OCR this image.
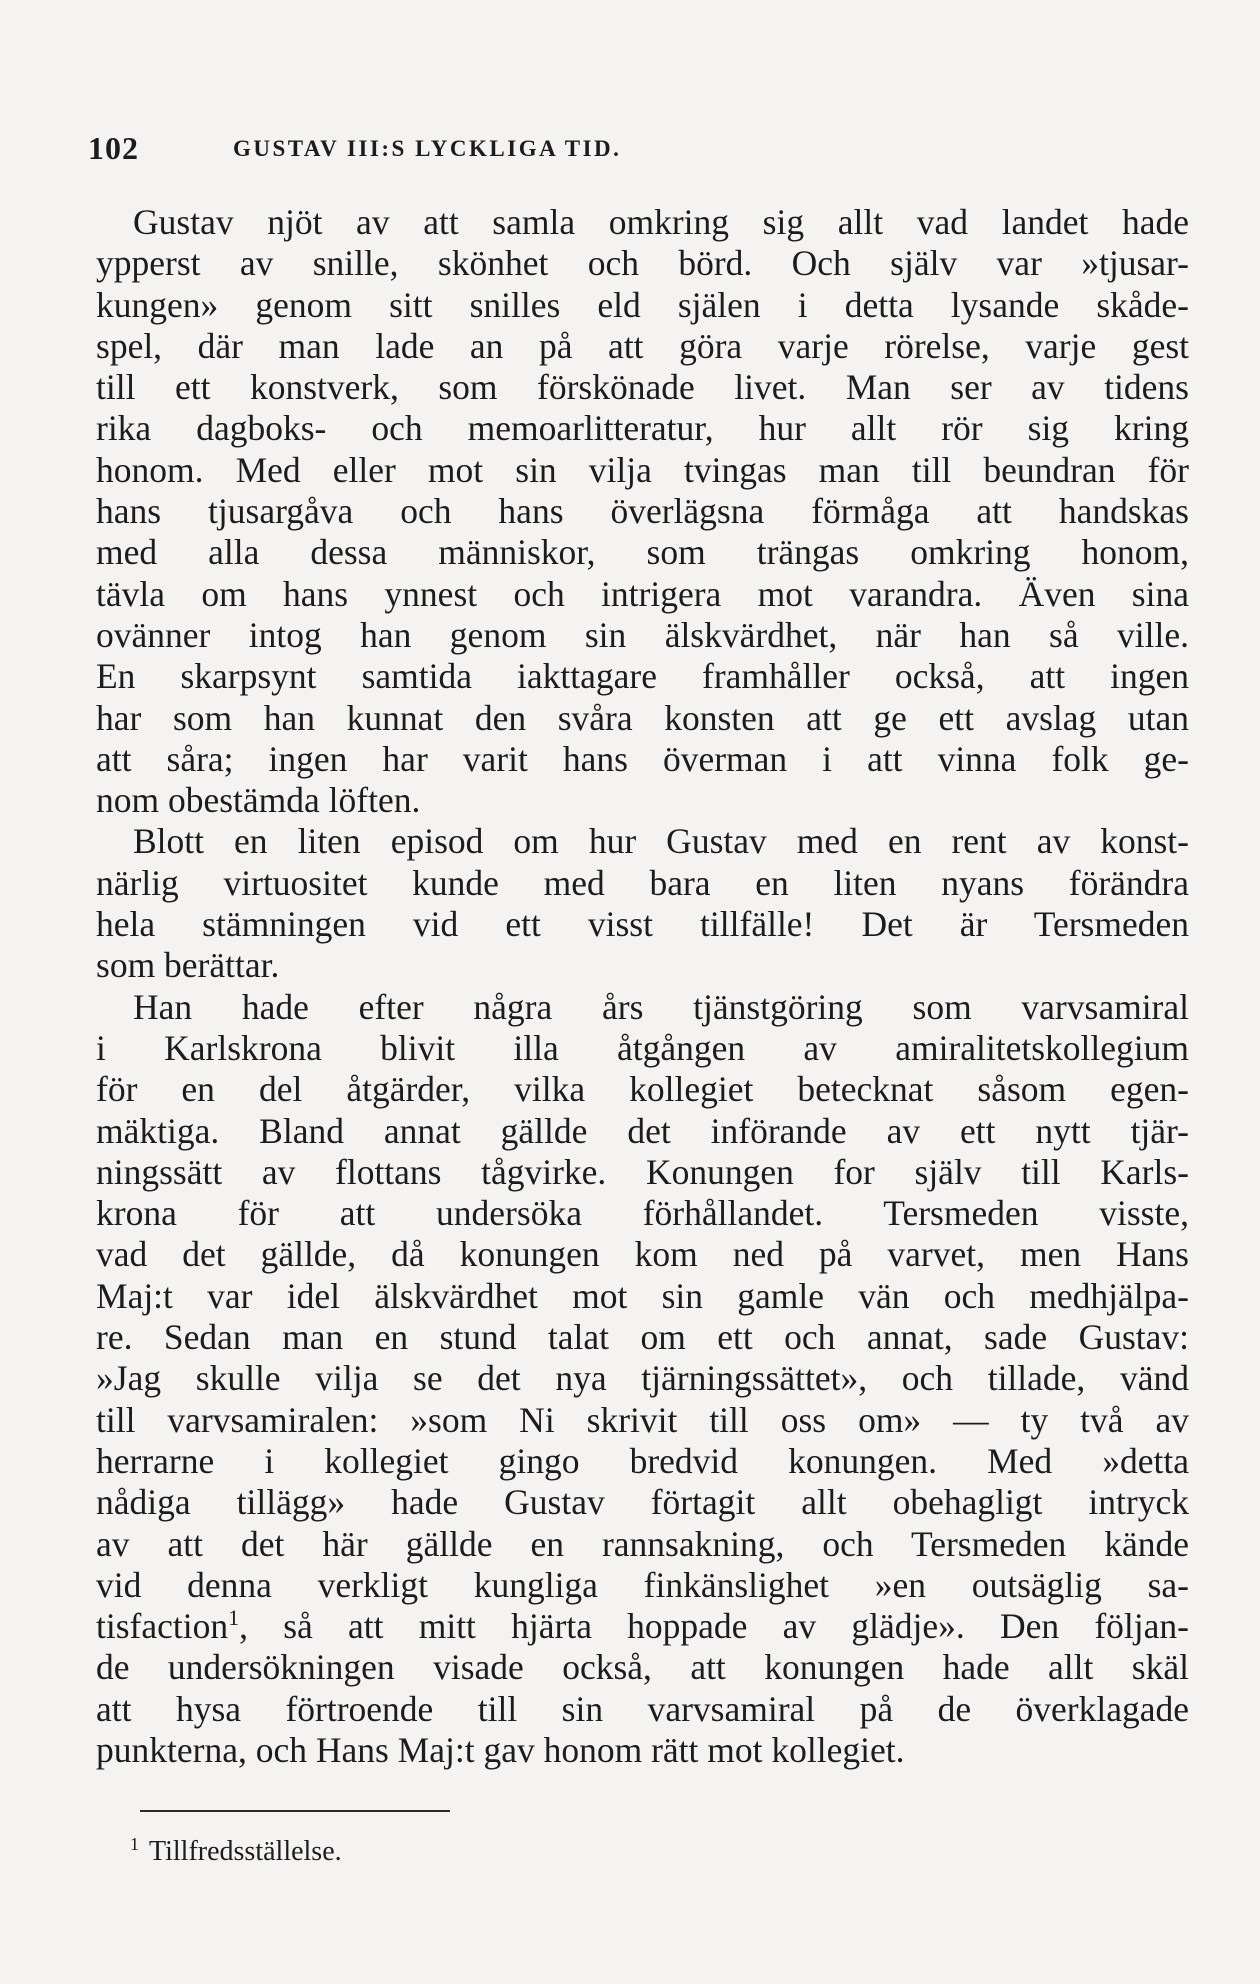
102	GUSTAV III:S LYCKLIGA TID.
Gustav njöt av att samla omkring sig allt vad landet hade
ypperst av snille, skönhet och börd. Och själv var »tjusar-
kungen» genom sitt snilles eld själen i detta lysande skåde-
spel, där man lade an på att göra varje rörelse, varje gest
till ett konstverk, som förskönade livet. Man ser av tidens
rika dagboks- och memoarlitteratur, hur allt rör sig kring
honom. Med eller mot sin vilja tvingas man till beundran för
hans tjusargåva och hans överlägsna förmåga att handskas
med alla dessa människor, som trängas omkring honom,
tävla om hans ynnest och intrigera mot varandra. Även sina
ovänner intog han genom sin älskvärdhet, när han så ville.
En skarpsynt samtida iakttagare framhåller också, att ingen
har som han kunnat den svåra konsten att ge ett avslag utan
att såra; ingen har varit hans överman i att vinna folk ge-
nom obestämda löften.
Blott en liten episod om hur Gustav med en rent av konst-
närlig virtuositet kunde med bara en liten nyans förändra
hela stämningen vid ett visst tillfälle! Det är Tersmeden
som berättar.
Han hade efter några års tjänstgöring som varvsamiral
i Karlskrona blivit illa åtgången av amiralitetskollegium
för en del åtgärder, vilka kollegiet betecknat såsom egen-
mäktiga. Bland annat gällde det införande av ett nytt tjär-
ningssätt av flottans tågvirke. Konungen for själv till Karls-
krona för att undersöka förhållandet. Tersmeden visste,
vad det gällde, då konungen kom ned på varvet, men Hans
Maj:t var idel älskvärdhet mot sin gamle vän och medhjälpa-
re. Sedan man en stund talat om ett och annat, sade Gustav:
»Jag skulle vilja se det nya tjärningssättet», och tillade, vänd
till varvsamiralen: »som Ni skrivit till oss om» — ty två av
herrarne i kollegiet gingo bredvid konungen. Med »detta
nådiga tillägg» hade Gustav förtagit allt obehagligt intryck
av att det här gällde en rannsakning, och Tersmeden kände
vid denna verkligt kungliga finkänslighet »en outsäglig sa-
tisfaction$^1$, så att mitt hjärta hoppade av glädje». Den följan-
de undersökningen visade också, att konungen hade allt skäl
att hysa förtroende till sin varvsamiral på de överklagade
punkterna, och Hans Maj:t gav honom rätt mot kollegiet.
$^1$ Tillfredsställelse.
